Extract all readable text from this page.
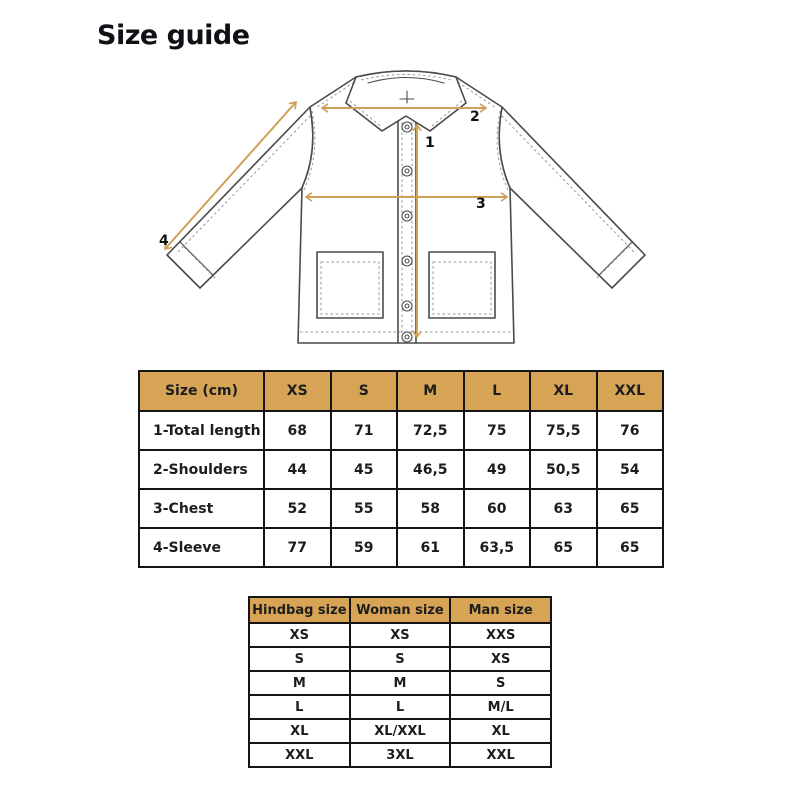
Size guide
1
2
3
4
Size (cm)	XS	S	M	L	XL	XXL
1-Total length	68	71	72,5	75	75,5	76
2-Shoulders	44	45	46,5	49	50,5	54
3-Chest	52	55	58	60	63	65
4-Sleeve	77	59	61	63,5	65	65
Hindbag size	Woman size	Man size
XS	XS	XXS
S	S	XS
M	M	S
L	L	M/L
XL	XL/XXL	XL
XXL	3XL	XXL
